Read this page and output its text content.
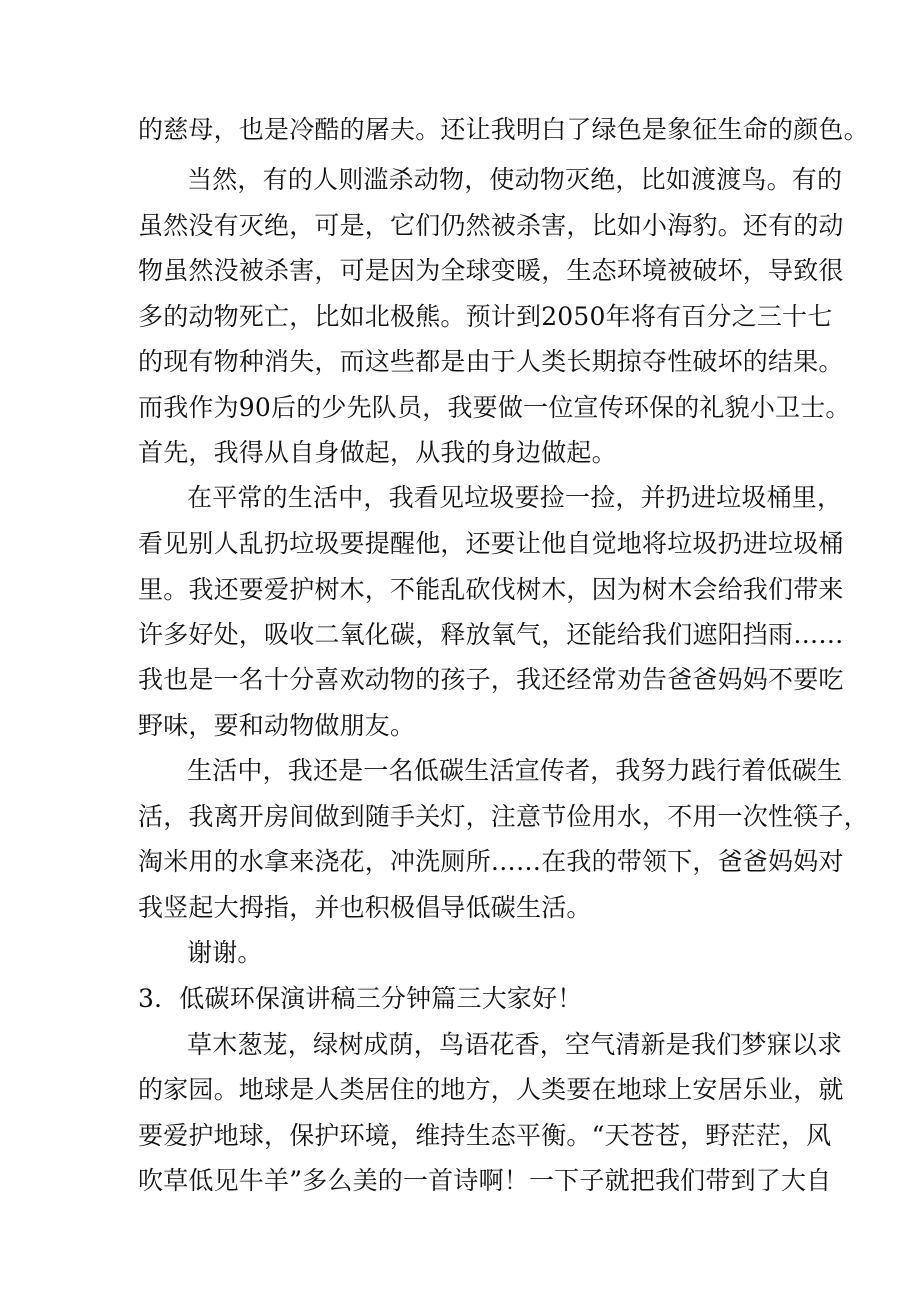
的慈母，也是冷酷的屠夫。还让我明白了绿色是象征生命的颜色。
当然，有的人则滥杀动物，使动物灭绝，比如渡渡鸟。有的
虽然没有灭绝，可是，它们仍然被杀害，比如小海豹。还有的动
物虽然没被杀害，可是因为全球变暖，生态环境被破坏，导致很
多的动物死亡，比如北极熊。预计到2050年将有百分之三十七
的现有物种消失，而这些都是由于人类长期掠夺性破坏的结果。
而我作为90后的少先队员，我要做一位宣传环保的礼貌小卫士。
首先，我得从自身做起，从我的身边做起。
在平常的生活中，我看见垃圾要捡一捡，并扔进垃圾桶里，
看见别人乱扔垃圾要提醒他，还要让他自觉地将垃圾扔进垃圾桶
里。我还要爱护树木，不能乱砍伐树木，因为树木会给我们带来
许多好处，吸收二氧化碳，释放氧气，还能给我们遮阳挡雨……
我也是一名十分喜欢动物的孩子，我还经常劝告爸爸妈妈不要吃
野味，要和动物做朋友。
生活中，我还是一名低碳生活宣传者，我努力践行着低碳生
活，我离开房间做到随手关灯，注意节俭用水，不用一次性筷子，
淘米用的水拿来浇花，冲洗厕所……在我的带领下，爸爸妈妈对
我竖起大拇指，并也积极倡导低碳生活。
谢谢。
3．低碳环保演讲稿三分钟篇三大家好！
草木葱茏，绿树成荫，鸟语花香，空气清新是我们梦寐以求
的家园。地球是人类居住的地方，人类要在地球上安居乐业，就
要爱护地球，保护环境，维持生态平衡。“天苍苍，野茫茫，风
吹草低见牛羊”多么美的一首诗啊！一下子就把我们带到了大自
